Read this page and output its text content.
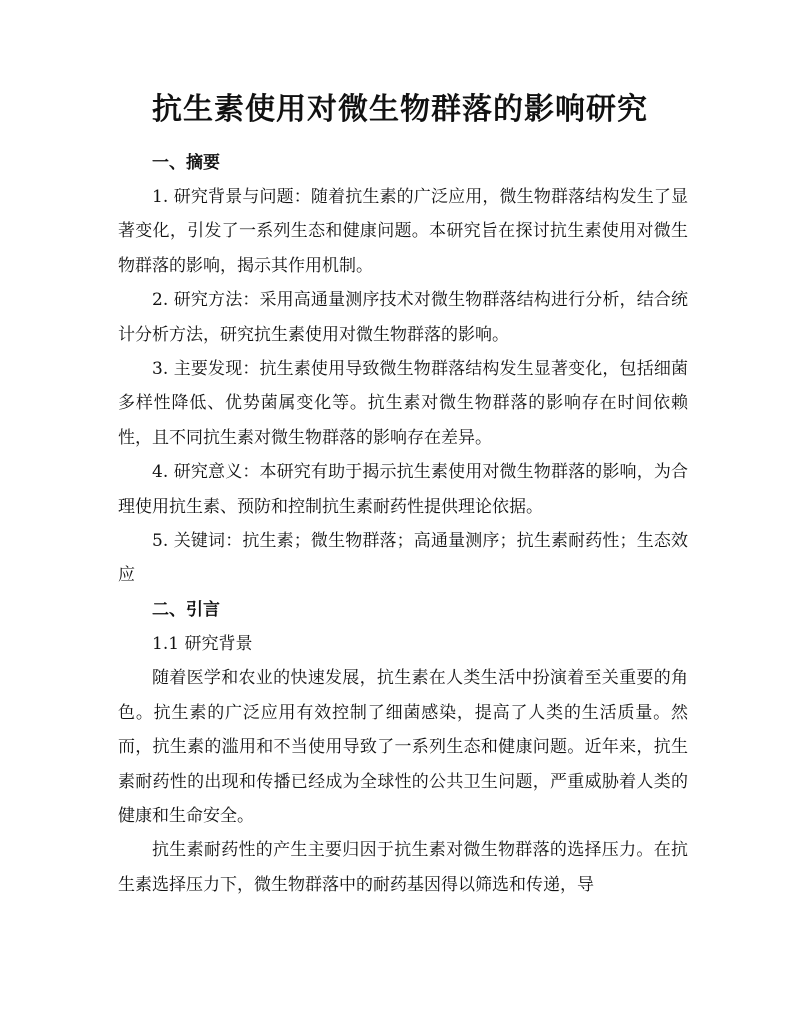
抗生素使用对微生物群落的影响研究

一、摘要

1. 研究背景与问题：随着抗生素的广泛应用，微生物群落结构发生了显著变化，引发了一系列生态和健康问题。本研究旨在探讨抗生素使用对微生物群落的影响，揭示其作用机制。

2. 研究方法：采用高通量测序技术对微生物群落结构进行分析，结合统计分析方法，研究抗生素使用对微生物群落的影响。

3. 主要发现：抗生素使用导致微生物群落结构发生显著变化，包括细菌多样性降低、优势菌属变化等。抗生素对微生物群落的影响存在时间依赖性，且不同抗生素对微生物群落的影响存在差异。

4. 研究意义：本研究有助于揭示抗生素使用对微生物群落的影响，为合理使用抗生素、预防和控制抗生素耐药性提供理论依据。

5. 关键词：抗生素；微生物群落；高通量测序；抗生素耐药性；生态效应

二、引言

1.1 研究背景

随着医学和农业的快速发展，抗生素在人类生活中扮演着至关重要的角色。抗生素的广泛应用有效控制了细菌感染，提高了人类的生活质量。然而，抗生素的滥用和不当使用导致了一系列生态和健康问题。近年来，抗生素耐药性的出现和传播已经成为全球性的公共卫生问题，严重威胁着人类的健康和生命安全。

抗生素耐药性的产生主要归因于抗生素对微生物群落的选择压力。在抗生素选择压力下，微生物群落中的耐药基因得以筛选和传递，导
